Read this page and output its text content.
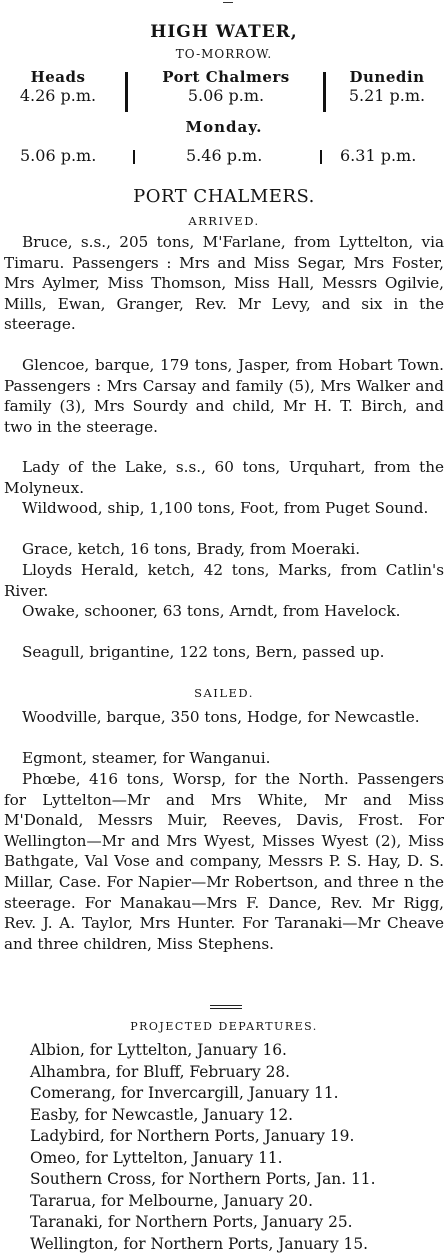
HIGH WATER,
TO-MORROW.
Heads
4.26 p.m.
Port Chalmers
5.06 p.m.
Dunedin
5.21 p.m.
Monday.
5.06 p.m.	5.46 p.m.	6.31 p.m.
PORT CHALMERS.
ARRIVED.

Bruce, s.s., 205 tons, M'Farlane, from Lyttelton, via Timaru. Passengers : Mrs and Miss Segar, Mrs Foster, Mrs Aylmer, Miss Thomson, Miss Hall, Messrs Ogilvie, Mills, Ewan, Granger, Rev. Mr Levy, and six in the steerage.

Glencoe, barque, 179 tons, Jasper, from Hobart Town. Passengers : Mrs Carsay and family (5), Mrs Walker and family (3), Mrs Sourdy and child, Mr H. T. Birch, and two in the steerage.

Lady of the Lake, s.s., 60 tons, Urquhart, from the Molyneux.

Wildwood, ship, 1,100 tons, Foot, from Puget Sound.

Grace, ketch, 16 tons, Brady, from Moeraki.

Lloyds Herald, ketch, 42 tons, Marks, from Catlin's River.

Owake, schooner, 63 tons, Arndt, from Havelock.

Seagull, brigantine, 122 tons, Bern, passed up.

SAILED.

Woodville, barque, 350 tons, Hodge, for Newcastle.

Egmont, steamer, for Wanganui.

Phœbe, 416 tons, Worsp, for the North. Passengers for Lyttelton—Mr and Mrs White, Mr and Miss M'Donald, Messrs Muir, Reeves, Davis, Frost. For Wellington—Mr and Mrs Wyest, Misses Wyest (2), Miss Bathgate, Val Vose and company, Messrs P. S. Hay, D. S. Millar, Case. For Napier—Mr Robertson, and three n the steerage. For Manakau—Mrs F. Dance, Rev. Mr Rigg, Rev. J. A. Taylor, Mrs Hunter. For Taranaki—Mr Cheave and three children, Miss Stephens.

PROJECTED DEPARTURES.
Albion, for Lyttelton, January 16.
Alhambra, for Bluff, February 28.
Comerang, for Invercargill, January 11.
Easby, for Newcastle, January 12.
Ladybird, for Northern Ports, January 19.
Omeo, for Lyttelton, January 11.
Southern Cross, for Northern Ports, Jan. 11.
Tararua, for Melbourne, January 20.
Taranaki, for Northern Ports, January 25.
Wellington, for Northern Ports, January 15.
